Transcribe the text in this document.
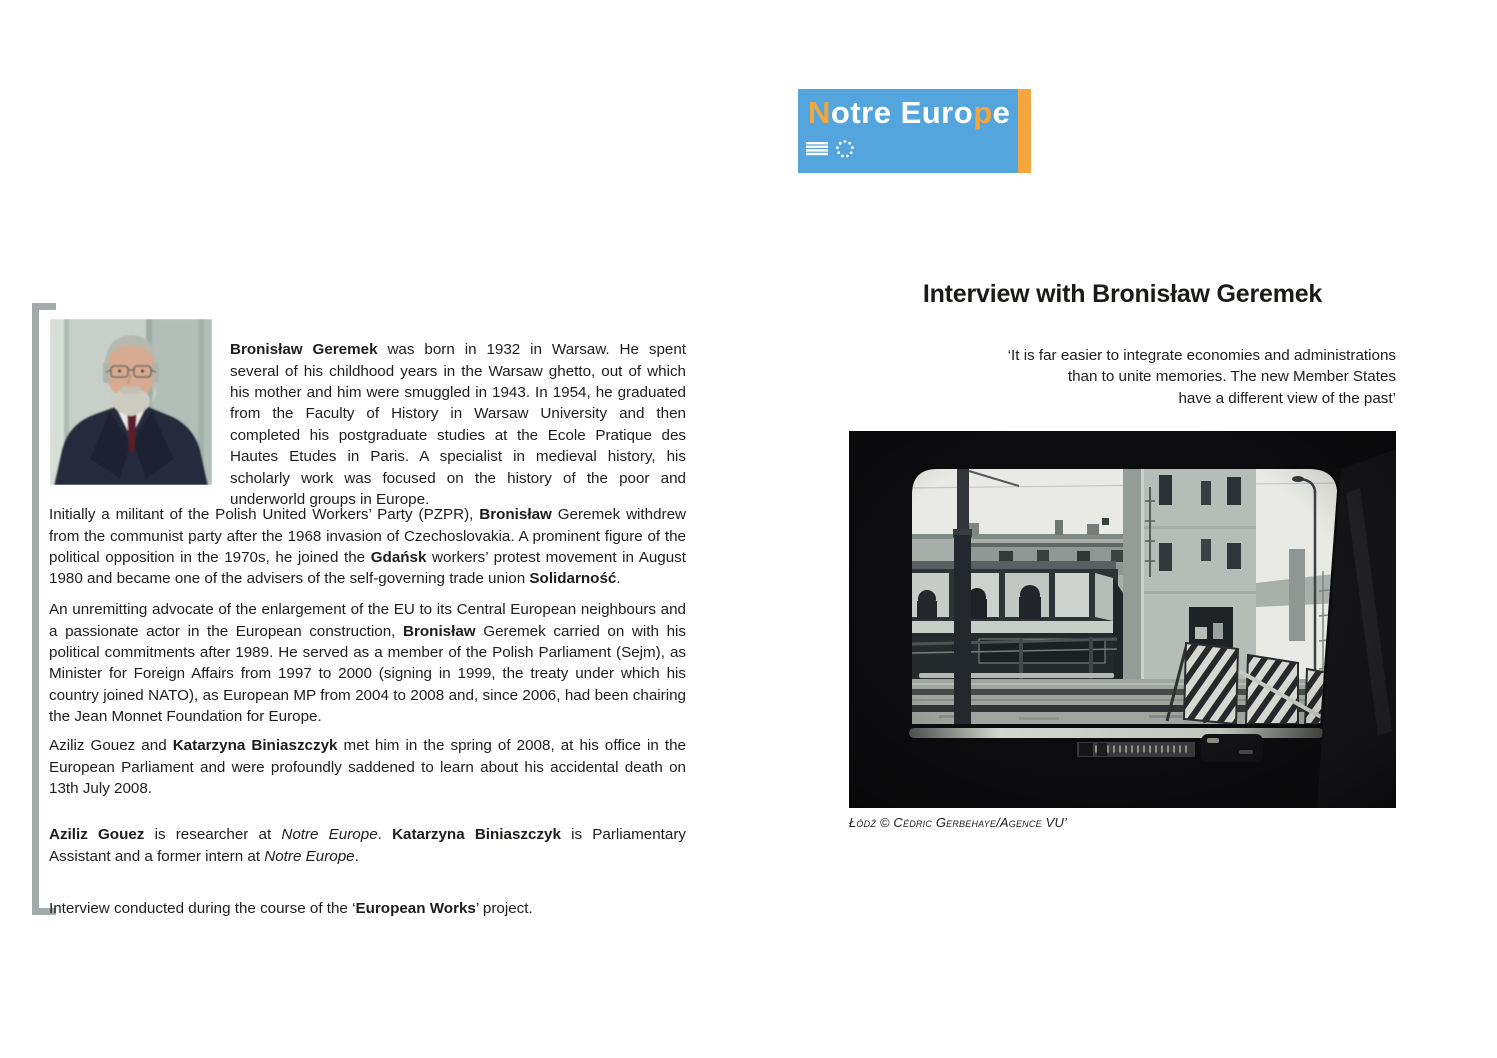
Notre Europe
Thinking a united Europe
Penser l'unité européenne

Bronisław Geremek was born in 1932 in Warsaw. He spent several of his childhood years in the Warsaw ghetto, out of which his mother and him were smuggled in 1943. In 1954, he graduated from the Faculty of History in Warsaw University and then completed his postgraduate studies at the Ecole Pratique des Hautes Etudes in Paris. A specialist in medieval history, his scholarly work was focused on the history of the poor and underworld groups in Europe.

Initially a militant of the Polish United Workers’ Party (PZPR), Bronisław Geremek withdrew from the communist party after the 1968 invasion of Czechoslovakia. A prominent figure of the political opposition in the 1970s, he joined the Gdańsk workers’ protest movement in August 1980 and became one of the advisers of the self-governing trade union Solidarność.

An unremitting advocate of the enlargement of the EU to its Central European neighbours and a passionate actor in the European construction, Bronisław Geremek carried on with his political commitments after 1989. He served as a member of the Polish Parliament (Sejm), as Minister for Foreign Affairs from 1997 to 2000 (signing in 1999, the treaty under which his country joined NATO), as European MP from 2004 to 2008 and, since 2006, had been chairing the Jean Monnet Foundation for Europe.

Aziliz Gouez and Katarzyna Biniaszczyk met him in the spring of 2008, at his office in the European Parliament and were profoundly saddened to learn about his accidental death on 13th July 2008.

Aziliz Gouez is researcher at Notre Europe. Katarzyna Biniaszczyk is Parliamentary Assistant and a former intern at Notre Europe.

Interview conducted during the course of the ‘European Works’ project.

Interview with Bronisław Geremek
‘It is far easier to integrate economies and administrations
than to unite memories. The new Member States
have a different view of the past’
Łódź © Cédric Gerbehaye/Agence VU’
